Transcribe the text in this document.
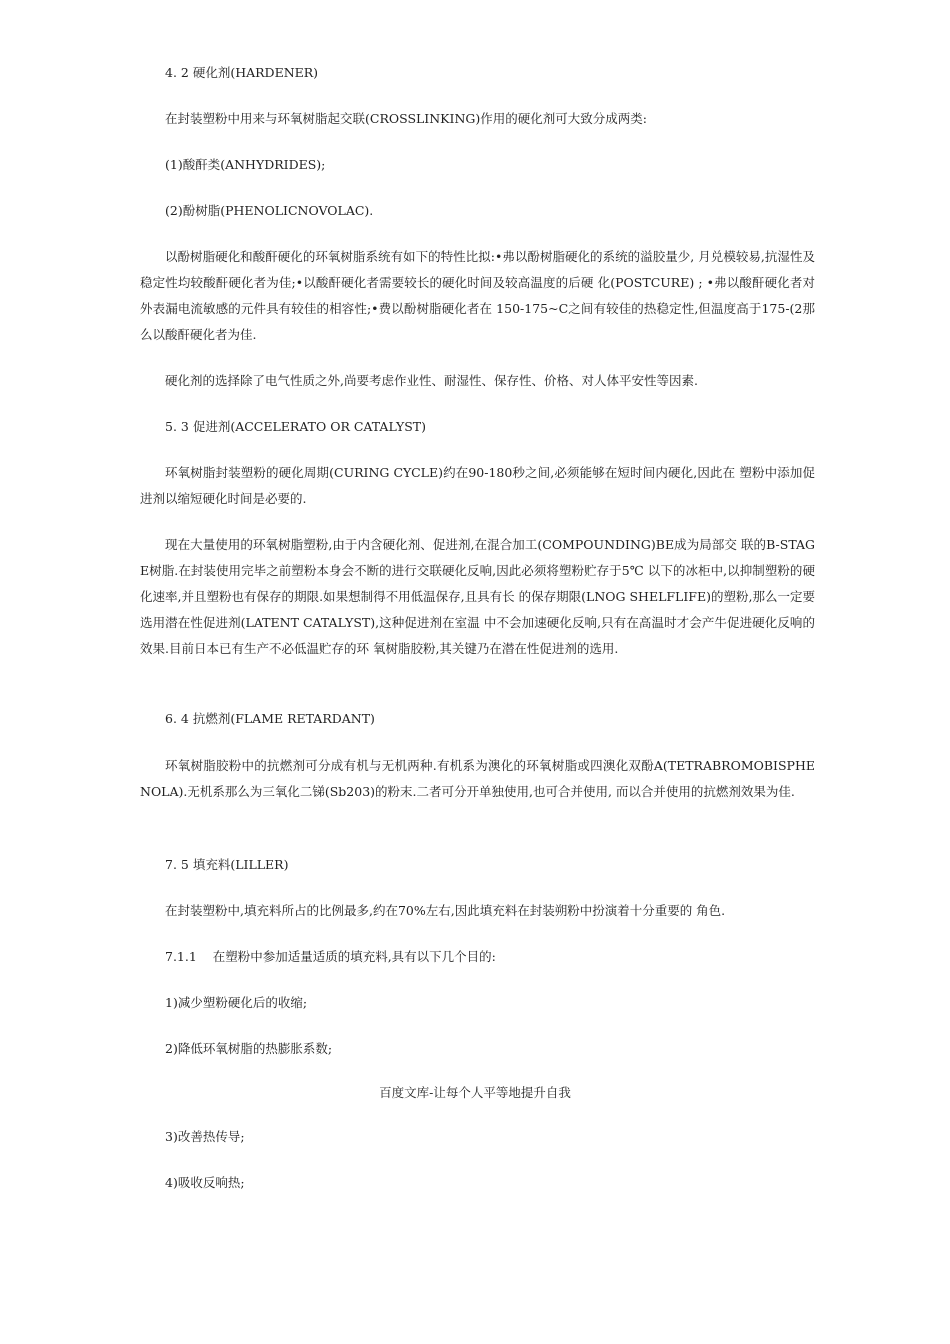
4. 2 硬化剂(HARDENER)

在封装塑粉中用来与环氧树脂起交联(CROSSLINKING)作用的硬化剂可大致分成两类:

(1)酸酐类(ANHYDRIDES);

(2)酚树脂(PHENOLICNOVOLAC).

以酚树脂硬化和酸酐硬化的环氧树脂系统有如下的特性比拟:•弗以酚树脂硬化的系统的溢胶量少, 月兑模较易,抗湿性及稳定性均较酸酐硬化者为佳;•以酸酐硬化者需要较长的硬化时间及较高温度的后硬 化(POSTCURE) ; •弗以酸酐硬化者对外表漏电流敏感的元件具有较佳的相容性;•费以酚树脂硬化者在 150-175~C之间有较佳的热稳定性,但温度高于175-(2那么以酸酐硬化者为佳.

硬化剂的选择除了电气性质之外,尚要考虑作业性、耐湿性、保存性、价格、对人体平安性等因素.

5. 3 促进剂(ACCELERATO OR CATALYST)

环氧树脂封装塑粉的硬化周期(CURING CYCLE)约在90-180秒之间,必须能够在短时间内硬化,因此在 塑粉中添加促进剂以缩短硬化时间是必要的.

现在大量使用的环氧树脂塑粉,由于内含硬化剂、促进剂,在混合加工(COMPOUNDING)BE成为局部交 联的B-STAGE树脂.在封装使用完毕之前塑粉本身会不断的进行交联硬化反响,因此必须将塑粉贮存于5℃ 以下的冰柜中,以抑制塑粉的硬化速率,并且塑粉也有保存的期限.如果想制得不用低温保存,且具有长 的保存期限(LNOG SHELFLIFE)的塑粉,那么一定要选用潜在性促进剂(LATENT CATALYST),这种促进剂在室温 中不会加速硬化反响,只有在高温时才会产牛促进硬化反响的效果.目前日本已有生产不必低温贮存的环 氧树脂胶粉,其关键乃在潜在性促进剂的选用.

6. 4 抗燃剂(FLAME RETARDANT)

环氧树脂胶粉中的抗燃剂可分成有机与无机两种.有机系为澳化的环氧树脂或四澳化双酚A(TETRABROMOBISPHENOLA).无机系那么为三氧化二锑(Sb203)的粉末.二者可分开单独使用,也可合并使用, 而以合并使用的抗燃剂效果为佳.

7. 5 填充料(LILLER)

在封装塑粉中,填充料所占的比例最多,约在70%左右,因此填充料在封装朔粉中扮演着十分重要的 角色.

7.1.1    在塑粉中参加适量适质的填充料,具有以下几个目的:

1)减少塑粉硬化后的收缩;

2)降低环氧树脂的热膨胀系数;

3)改善热传导;

4)吸收反响热;

百度文库-让每个人平等地提升自我
